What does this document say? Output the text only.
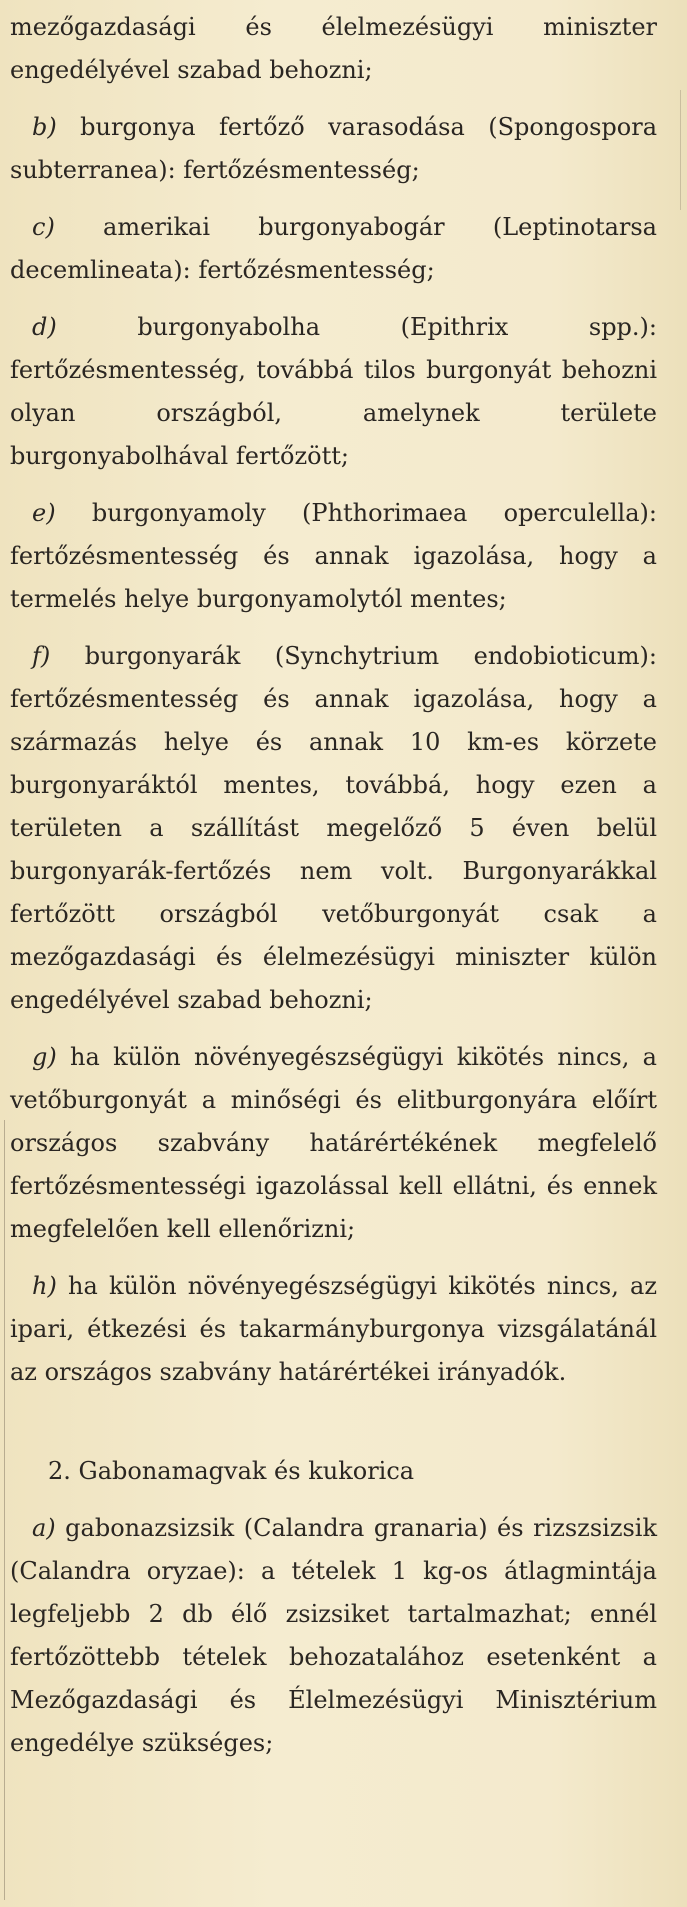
mezőgazdasági és élelmezésügyi miniszter engedélyével szabad behozni;

b) burgonya fertőző varasodása (Spongospora subterranea): fertőzésmentesség;

c) amerikai burgonyabogár (Leptinotarsa decemlineata): fertőzésmentesség;

d) burgonyabolha (Epithrix spp.): fertőzésmentesség, továbbá tilos burgonyát behozni olyan országból, amelynek területe burgonyabolhával fertőzött;

e) burgonyamoly (Phthorimaea operculella): fertőzésmentesség és annak igazolása, hogy a termelés helye burgonyamolytól mentes;

f) burgonyarák (Synchytrium endobioticum): fertőzésmentesség és annak igazolása, hogy a származás helye és annak 10 km-es körzete burgonyaráktól mentes, továbbá, hogy ezen a területen a szállítást megelőző 5 éven belül burgonyarák-fertőzés nem volt. Burgonyarákkal fertőzött országból vetőburgonyát csak a mezőgazdasági és élelmezésügyi miniszter külön engedélyével szabad behozni;

g) ha külön növényegészségügyi kikötés nincs, a vetőburgonyát a minőségi és elitburgonyára előírt országos szabvány határértékének megfelelő fertőzésmentességi igazolással kell ellátni, és ennek megfelelően kell ellenőrizni;

h) ha külön növényegészségügyi kikötés nincs, az ipari, étkezési és takarmányburgonya vizsgálatánál az országos szabvány határértékei irányadók.

2. Gabonamagvak és kukorica

a) gabonazsizsik (Calandra granaria) és rizszsizsik (Calandra oryzae): a tételek 1 kg-os átlagmintája legfeljebb 2 db élő zsizsiket tartalmazhat; ennél fertőzöttebb tételek behozatalához esetenként a Mezőgazdasági és Élelmezésügyi Minisztérium engedélye szükséges;
